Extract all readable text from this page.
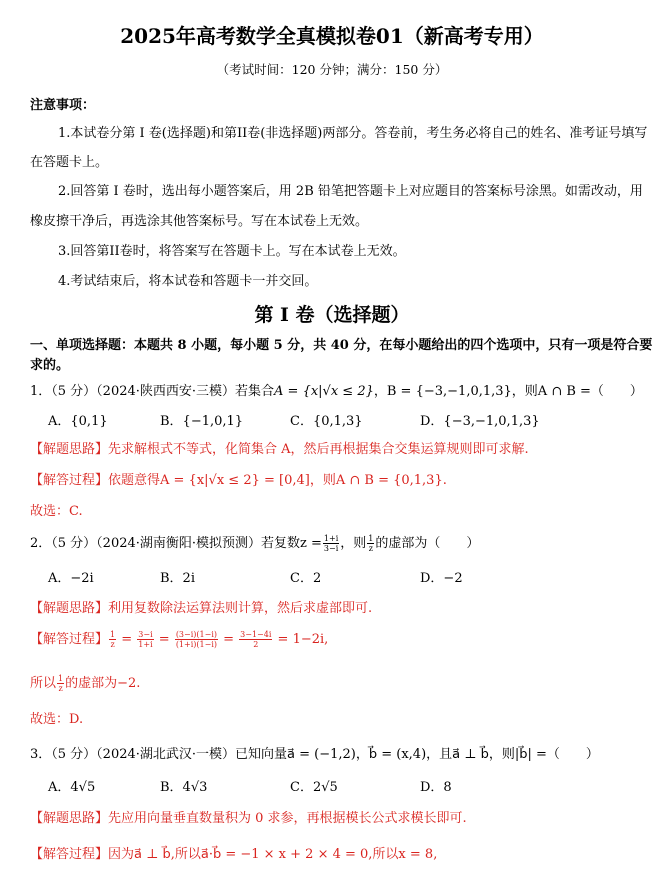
2025年高考数学全真模拟卷01（新高考专用）
（考试时间：120 分钟；满分：150 分）
注意事项：
1.本试卷分第 I 卷(选择题)和第II卷(非选择题)两部分。答卷前，考生务必将自己的姓名、准考证号填写
在答题卡上。
2.回答第 I 卷时，选出每小题答案后，用 2B 铅笔把答题卡上对应题目的答案标号涂黑。如需改动，用
橡皮擦干净后，再选涂其他答案标号。写在本试卷上无效。
3.回答第II卷时，将答案写在答题卡上。写在本试卷上无效。
4.考试结束后，将本试卷和答题卡一并交回。
第 I 卷（选择题）
一、单项选择题：本题共 8 小题，每小题 5 分，共 40 分，在每小题给出的四个选项中，只有一项是符合要
求的。
1．（5 分）（2024·陕西西安·三模）若集合A = {x|√x ≤ 2}，B = {−3,−1,0,1,3}，则A ∩ B =（　　）
A．{0,1}	B．{−1,0,1}	C．{0,1,3}	D．{−3,−1,0,1,3}
【解题思路】先求解根式不等式，化简集合 A，然后再根据集合交集运算规则即可求解.
【解答过程】依题意得A = {x|√x ≤ 2} = [0,4]，则A ∩ B = {0,1,3}.
故选：C.
2．（5 分）（2024·湖南衡阳·模拟预测）若复数$z = \frac{1+i}{3-i}$ ，则 $\frac{1}{z}$ 的虚部为（　　）
A．−2i	B．2i	C．2	D．−2
【解题思路】利用复数除法运算法则计算，然后求虚部即可.
【解答过程】 $\frac{1}{z} = \frac{3-i}{1+i} = \frac{(3-i)(1-i)}{(1+i)(1-i)} = \frac{3-1-4i}{2} = 1-2i$,
所以 $\frac{1}{z}$ 的虚部为−2.
故选：D.
3．（5 分）（2024·湖北武汉·一模）已知向量a⃗ = (−1,2)，b⃗ = (x,4)，且a⃗ ⊥ b⃗，则|b⃗| =（　　）
A．4√5	B．4√3	C．2√5	D．8
【解题思路】先应用向量垂直数量积为 0 求参，再根据模长公式求模长即可.
【解答过程】因为a⃗ ⊥ b⃗,所以a⃗·b⃗ = −1 × x + 2 × 4 = 0,所以x = 8,
